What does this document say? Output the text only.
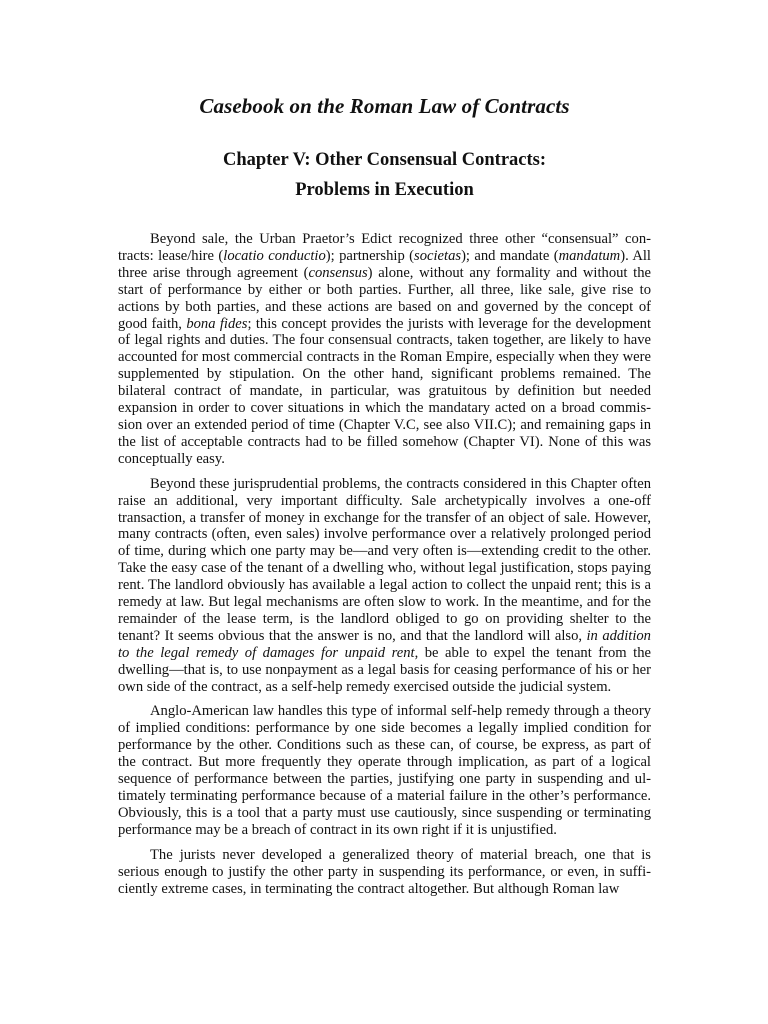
Casebook on the Roman Law of Contracts
Chapter V: Other Consensual Contracts:
Problems in Execution

Beyond sale, the Urban Praetor’s Edict recognized three other “consensual” contracts: lease/hire (locatio conductio); partnership (societas); and mandate (mandatum). All three arise through agreement (consensus) alone, without any formality and without the start of performance by either or both parties. Further, all three, like sale, give rise to actions by both parties, and these actions are based on and governed by the concept of good faith, bona fides; this concept provides the jurists with leverage for the development of legal rights and duties. The four consensual contracts, taken together, are likely to have accounted for most commercial contracts in the Roman Empire, especially when they were supplemented by stipulation. On the other hand, significant problems remained. The bilateral contract of mandate, in particular, was gratuitous by definition but needed expansion in order to cover situations in which the mandatary acted on a broad commission over an extended period of time (Chapter V.C, see also VII.C); and remaining gaps in the list of acceptable contracts had to be filled somehow (Chapter VI). None of this was conceptually easy.

Beyond these jurisprudential problems, the contracts considered in this Chapter often raise an additional, very important difficulty. Sale archetypically involves a one-off transaction, a transfer of money in exchange for the transfer of an object of sale. However, many contracts (often, even sales) involve performance over a relatively prolonged period of time, during which one party may be—and very often is—extending credit to the other. Take the easy case of the tenant of a dwelling who, without legal justification, stops paying rent. The landlord obviously has available a legal action to collect the unpaid rent; this is a remedy at law. But legal mechanisms are often slow to work. In the meantime, and for the remainder of the lease term, is the landlord obliged to go on providing shelter to the tenant? It seems obvious that the answer is no, and that the landlord will also, in addition to the legal remedy of damages for unpaid rent, be able to expel the tenant from the dwelling—that is, to use nonpayment as a legal basis for ceasing performance of his or her own side of the contract, as a self-help remedy exercised outside the judicial system.

Anglo-American law handles this type of informal self-help remedy through a theory of implied conditions: performance by one side becomes a legally implied condition for performance by the other. Conditions such as these can, of course, be express, as part of the contract. But more frequently they operate through implication, as part of a logical sequence of performance between the parties, justifying one party in suspending and ultimately terminating performance because of a material failure in the other’s performance. Obviously, this is a tool that a party must use cautiously, since suspending or terminating performance may be a breach of contract in its own right if it is unjustified.

The jurists never developed a generalized theory of material breach, one that is serious enough to justify the other party in suspending its performance, or even, in sufficiently extreme cases, in terminating the contract altogether. But although Roman law
